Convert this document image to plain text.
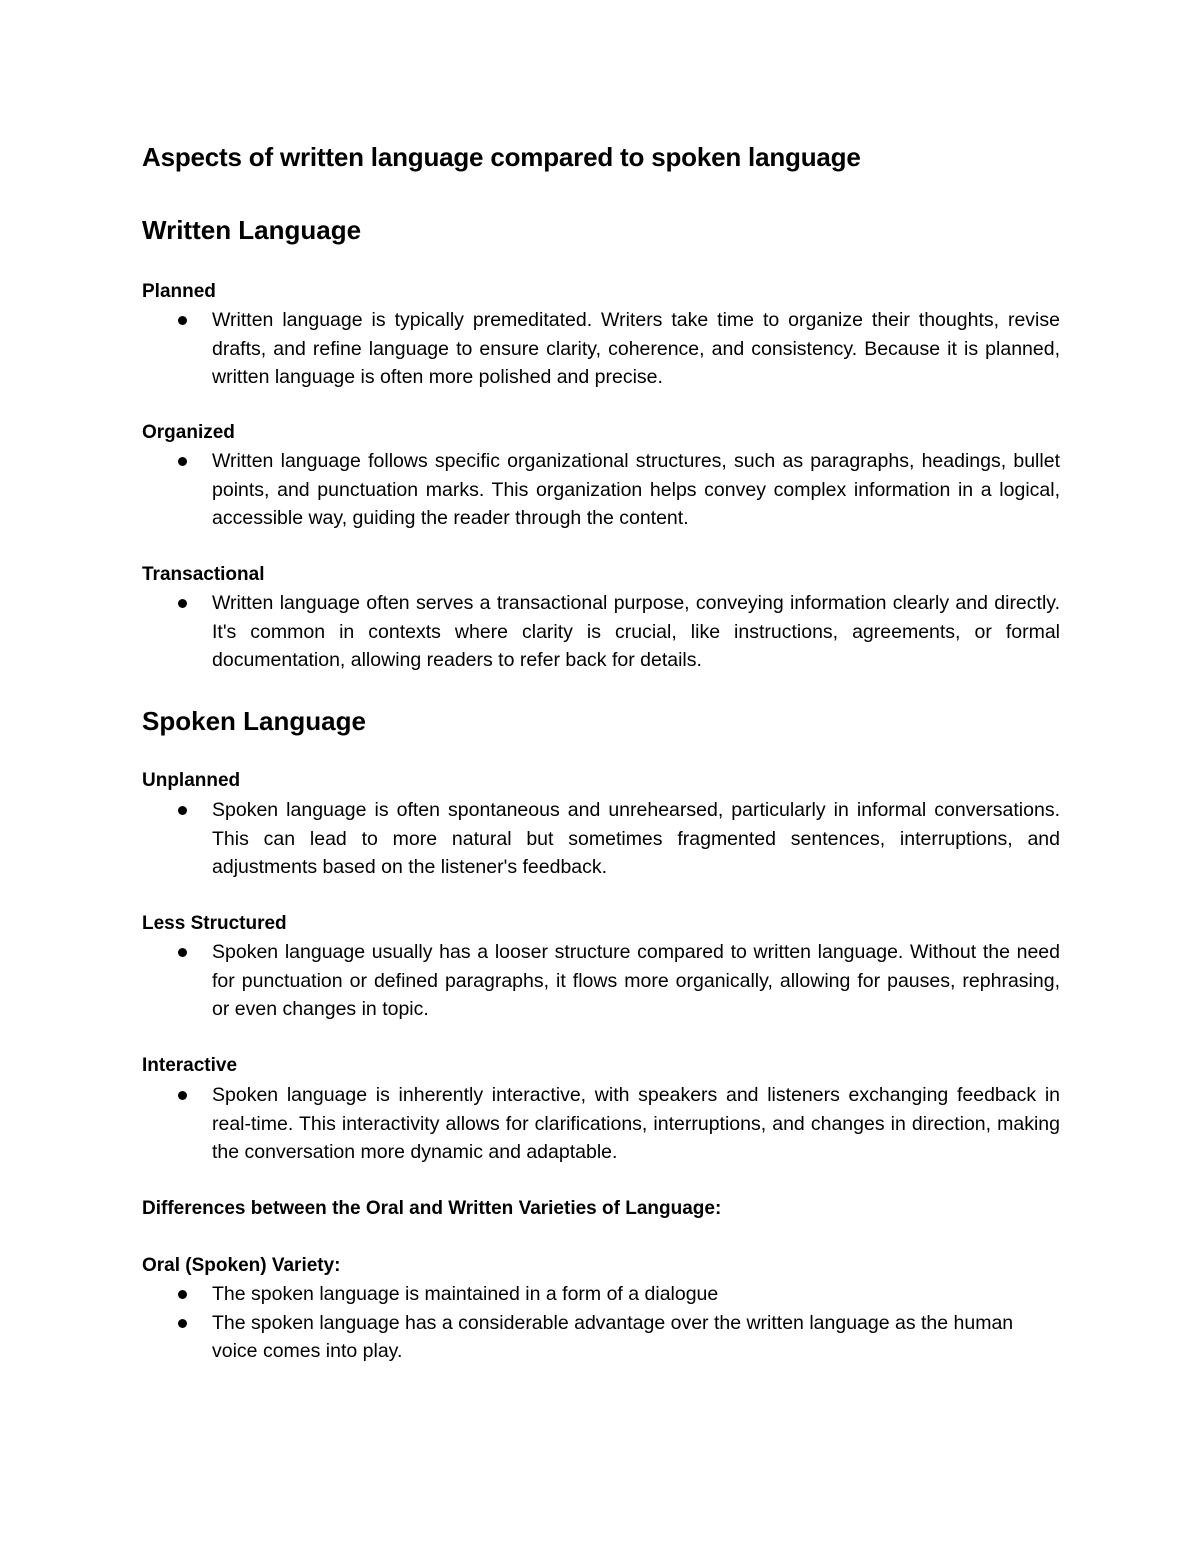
Aspects of written language compared to spoken language
Written Language
Planned
Written language is typically premeditated. Writers take time to organize their thoughts, revise drafts, and refine language to ensure clarity, coherence, and consistency. Because it is planned, written language is often more polished and precise.
Organized
Written language follows specific organizational structures, such as paragraphs, headings, bullet points, and punctuation marks. This organization helps convey complex information in a logical, accessible way, guiding the reader through the content.
Transactional
Written language often serves a transactional purpose, conveying information clearly and directly. It's common in contexts where clarity is crucial, like instructions, agreements, or formal documentation, allowing readers to refer back for details.
Spoken Language
Unplanned
Spoken language is often spontaneous and unrehearsed, particularly in informal conversations. This can lead to more natural but sometimes fragmented sentences, interruptions, and adjustments based on the listener's feedback.
Less Structured
Spoken language usually has a looser structure compared to written language. Without the need for punctuation or defined paragraphs, it flows more organically, allowing for pauses, rephrasing, or even changes in topic.
Interactive
Spoken language is inherently interactive, with speakers and listeners exchanging feedback in real-time. This interactivity allows for clarifications, interruptions, and changes in direction, making the conversation more dynamic and adaptable.
Differences between the Oral and Written Varieties of Language:
Oral (Spoken) Variety:
The spoken language is maintained in a form of a dialogue
The spoken language has a considerable advantage over the written language as the human voice comes into play.
